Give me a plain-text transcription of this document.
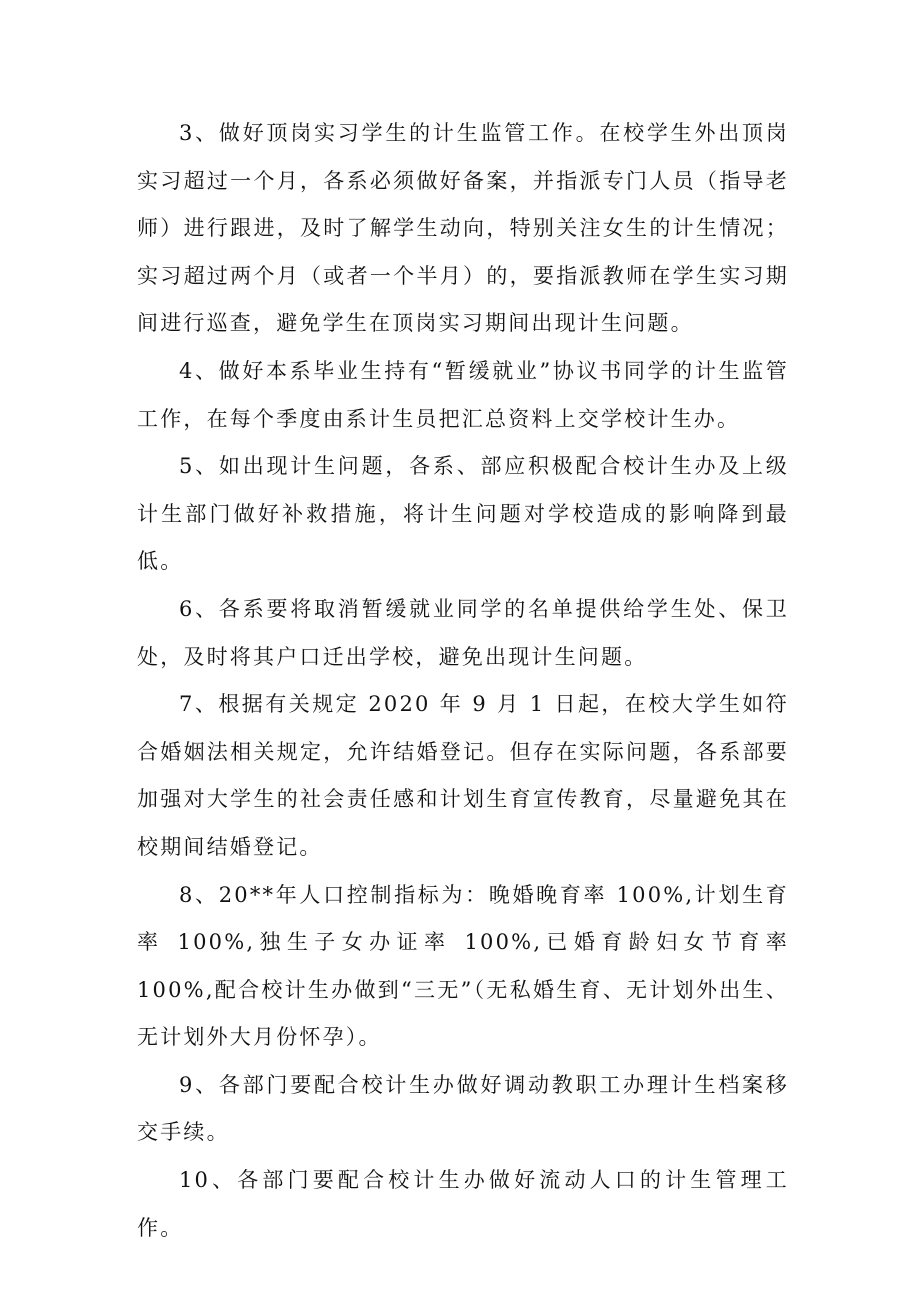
3、做好顶岗实习学生的计生监管工作。在校学生外出顶岗实习超过一个月，各系必须做好备案，并指派专门人员（指导老师）进行跟进，及时了解学生动向，特别关注女生的计生情况；实习超过两个月（或者一个半月）的，要指派教师在学生实习期间进行巡查，避免学生在顶岗实习期间出现计生问题。

4、做好本系毕业生持有“暂缓就业”协议书同学的计生监管工作，在每个季度由系计生员把汇总资料上交学校计生办。

5、如出现计生问题，各系、部应积极配合校计生办及上级计生部门做好补救措施，将计生问题对学校造成的影响降到最低。

6、各系要将取消暂缓就业同学的名单提供给学生处、保卫处，及时将其户口迁出学校，避免出现计生问题。

7、根据有关规定 2020 年 9 月 1 日起，在校大学生如符合婚姻法相关规定，允许结婚登记。但存在实际问题，各系部要加强对大学生的社会责任感和计划生育宣传教育，尽量避免其在校期间结婚登记。

8、20**年人口控制指标为：晚婚晚育率 100%,计划生育率 100%,独生子女办证率 100%,已婚育龄妇女节育率 100%,配合校计生办做到“三无”（无私婚生育、无计划外出生、无计划外大月份怀孕）。

9、各部门要配合校计生办做好调动教职工办理计生档案移交手续。

10、各部门要配合校计生办做好流动人口的计生管理工作。
